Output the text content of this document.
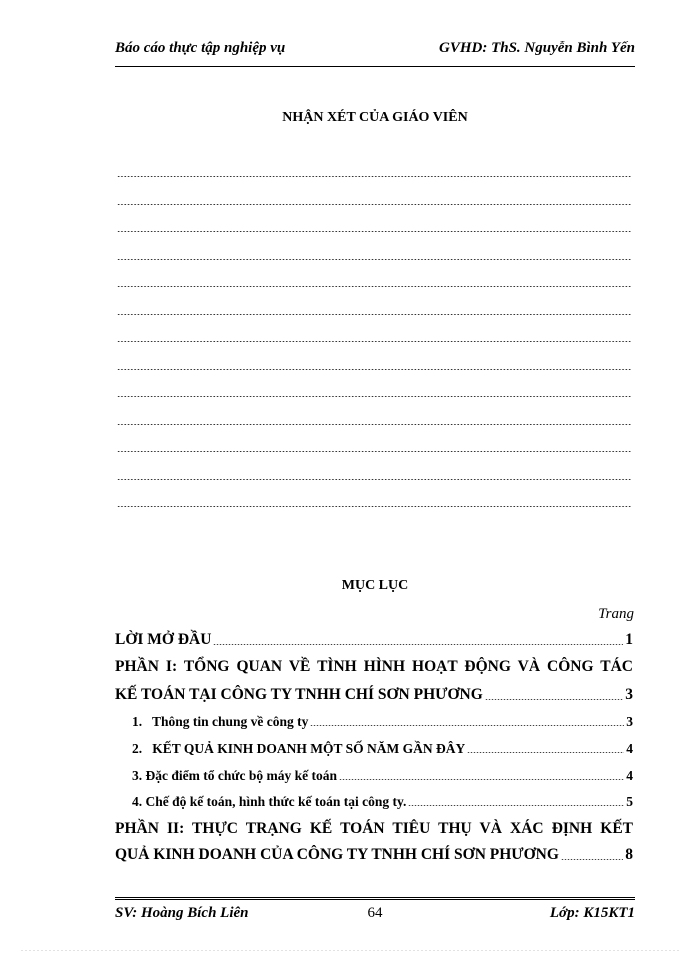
Báo cáo thực tập nghiệp vụ	GVHD: ThS. Nguyễn Bình Yến
NHẬN XÉT CỦA GIÁO VIÊN
MỤC LỤC
Trang
LỜI MỞ ĐẦU	1
PHẦN I: TỔNG QUAN VỀ TÌNH HÌNH HOẠT ĐỘNG VÀ CÔNG TÁC
KẾ TOÁN TẠI CÔNG TY TNHH CHÍ SƠN PHƯƠNG	3
1.   Thông tin chung về công ty	3
2.   KẾT QUẢ KINH DOANH MỘT SỐ NĂM GẦN ĐÂY	4
3. Đặc điểm tổ chức bộ máy kế toán	4
4. Chế độ kế toán, hình thức kế toán tại công ty.	5
PHẦN II: THỰC TRẠNG KẾ TOÁN TIÊU THỤ VÀ XÁC ĐỊNH KẾT
QUẢ KINH DOANH CỦA CÔNG TY TNHH CHÍ SƠN PHƯƠNG	8
SV: Hoàng Bích Liên	64	Lớp: K15KT1
